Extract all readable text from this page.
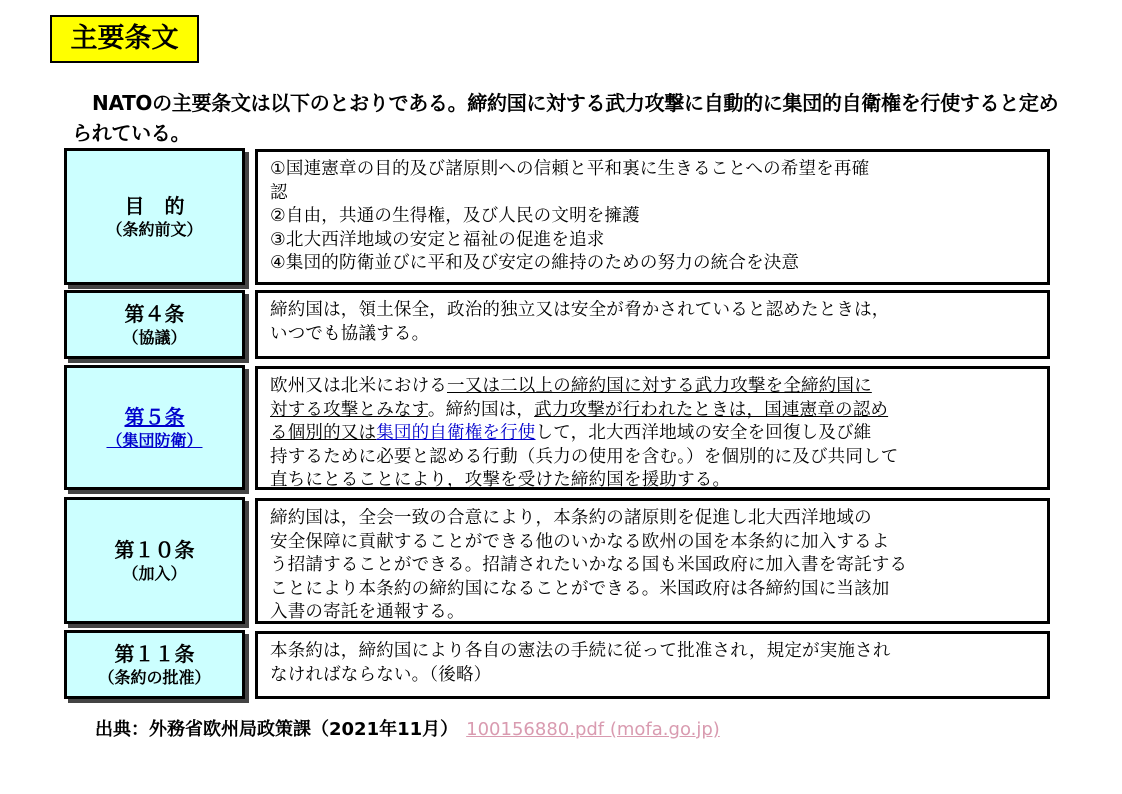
主要条文
NATOの主要条文は以下のとおりである。締約国に対する武力攻撃に自動的に集団的自衛権を行使すると定められている。
目　的
（条約前文）
①国連憲章の目的及び諸原則への信頼と平和裏に生きることへの希望を再確
認
②自由，共通の生得権，及び人民の文明を擁護
③北大西洋地域の安定と福祉の促進を追求
④集団的防衛並びに平和及び安定の維持のための努力の統合を決意
第４条
（協議）
締約国は，領土保全，政治的独立又は安全が脅かされていると認めたときは，
いつでも協議する。
第５条
（集団防衛）
欧州又は北米における一又は二以上の締約国に対する武力攻撃を全締約国に
対する攻撃とみなす。締約国は，武力攻撃が行われたときは，国連憲章の認め
る個別的又は集団的自衛権を行使して，北大西洋地域の安全を回復し及び維
持するために必要と認める行動（兵力の使用を含む。）を個別的に及び共同して
直ちにとることにより，攻撃を受けた締約国を援助する。
第１０条
（加入）
締約国は，全会一致の合意により，本条約の諸原則を促進し北大西洋地域の
安全保障に貢献することができる他のいかなる欧州の国を本条約に加入するよ
う招請することができる。招請されたいかなる国も米国政府に加入書を寄託する
ことにより本条約の締約国になることができる。米国政府は各締約国に当該加
入書の寄託を通報する。
第１１条
（条約の批准）
本条約は，締約国により各自の憲法の手続に従って批准され，規定が実施され
なければならない。（後略）
出典：外務省欧州局政策課（2021年11月） 100156880.pdf (mofa.go.jp)
